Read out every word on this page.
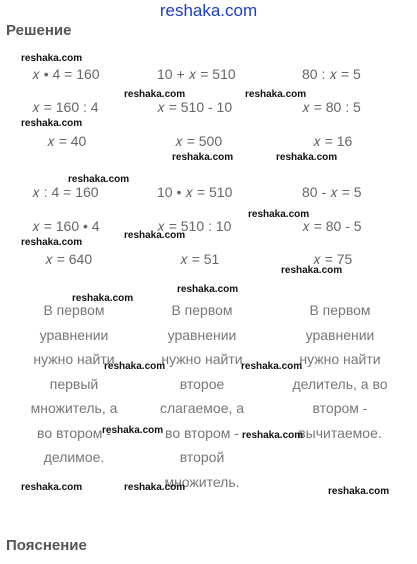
reshaka.com
Решение
𝑥 • 4 = 160	10 + 𝑥 = 510	80 : 𝑥 = 5
𝑥 = 160 : 4	𝑥 = 510 - 10	𝑥 = 80 : 5
𝑥 = 40	𝑥 = 500	𝑥 = 16
𝑥 : 4 = 160	10 • 𝑥 = 510	80 - 𝑥 = 5
𝑥 = 160 • 4	𝑥 = 510 : 10	𝑥 = 80 - 5
𝑥 = 640	𝑥 = 51	𝑥 = 75
В первом
уравнении
нужно найти
первый
множитель, а
во втором -
делимое.
В первом
уравнении
нужно найти
второе
слагаемое, а
во втором -
второй
множитель.
В первом
уравнении
нужно найти
делитель, а во
втором -
вычитаемое.
reshaka.com
reshaka.com	reshaka.com
reshaka.com
reshaka.com	reshaka.com
reshaka.com
reshaka.com
reshaka.com
reshaka.com
reshaka.com
reshaka.com
reshaka.com
reshaka.com	reshaka.com
reshaka.com	reshaka.com
reshaka.com	reshaka.com	reshaka.com
Пояснение
